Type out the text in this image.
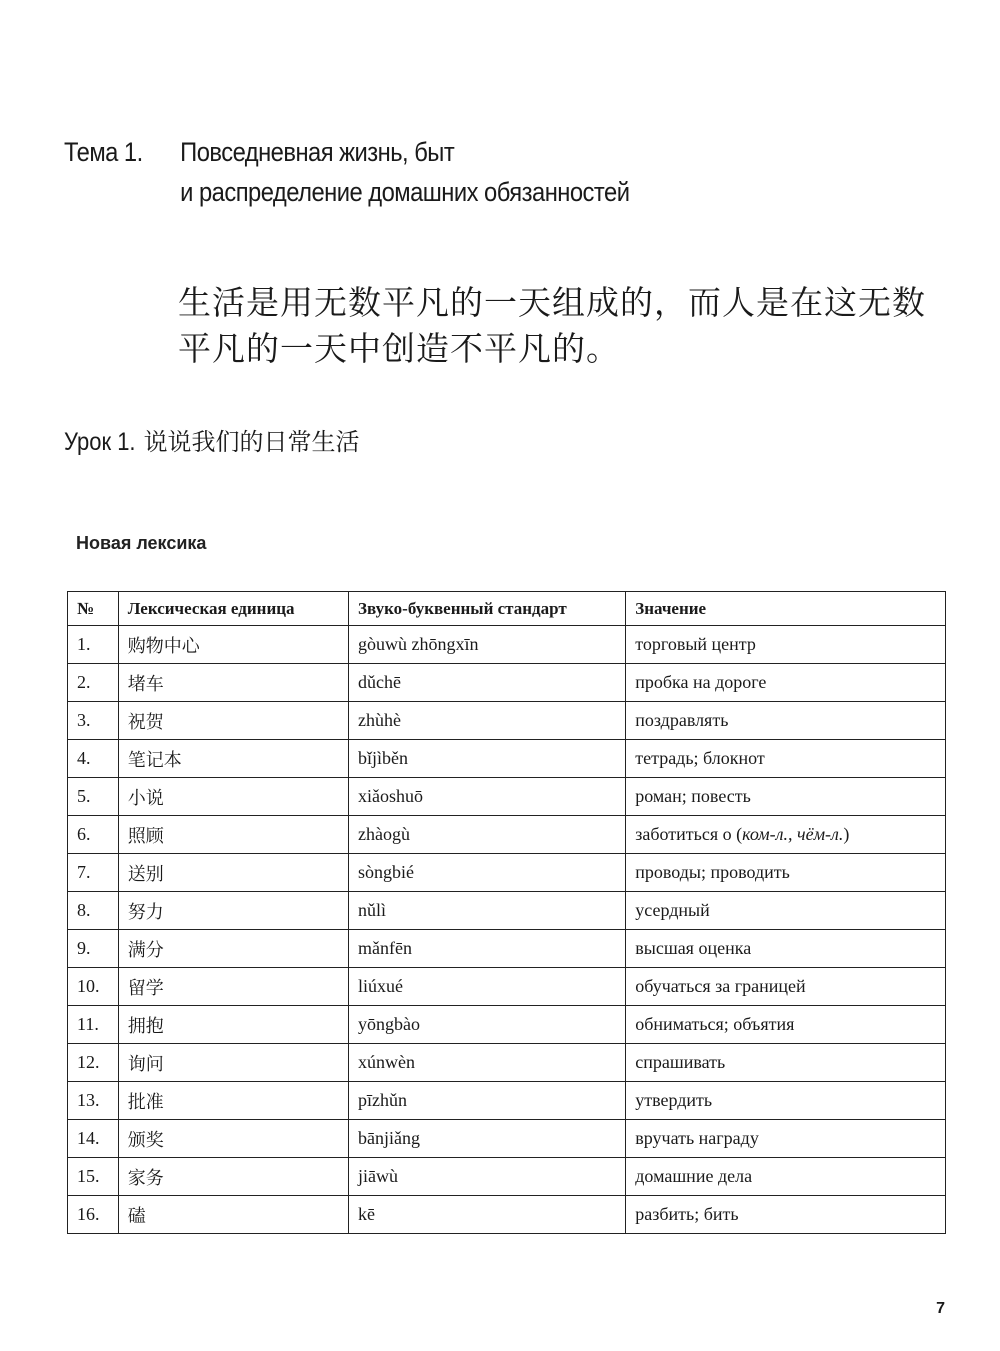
Тема 1. Повседневная жизнь, быт
и распределение домашних обязанностей
生活是用无数平凡的一天组成的，而人是在这无数
平凡的一天中创造不平凡的。
Урок 1. 说说我们的日常生活
Новая лексика
№	Лексическая единица	Звуко-буквенный стандарт	Значение
1.	购物中心	gòuwù zhōngxīn	торговый центр
2.	堵车	dǔchē	пробка на дороге
3.	祝贺	zhùhè	поздравлять
4.	笔记本	bǐjìběn	тетрадь; блокнот
5.	小说	xiǎoshuō	роман; повесть
6.	照顾	zhàogù	заботиться о (ком-л., чём-л.)
7.	送别	sòngbié	проводы; проводить
8.	努力	nǔlì	усердный
9.	满分	mǎnfēn	высшая оценка
10.	留学	liúxué	обучаться за границей
11.	拥抱	yōngbào	обниматься; объятия
12.	询问	xúnwèn	спрашивать
13.	批准	pīzhǔn	утвердить
14.	颁奖	bānjiǎng	вручать награду
15.	家务	jiāwù	домашние дела
16.	磕	kē	разбить; бить
7
